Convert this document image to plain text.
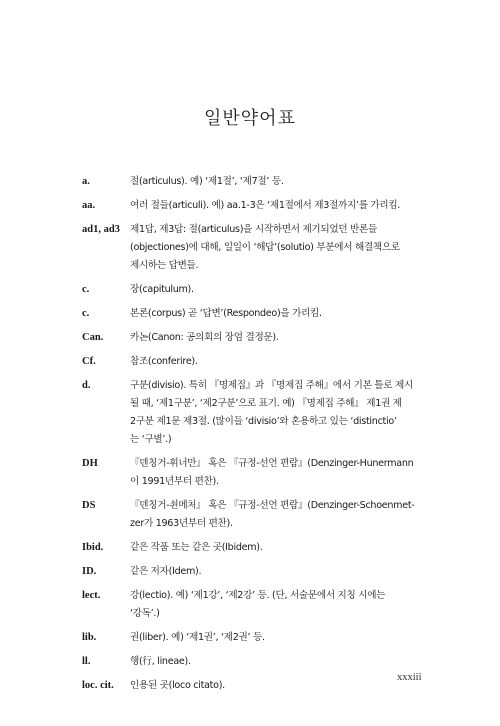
일반약어표
a.	절(articulus). 예) ‘제1절’, ‘제7절’ 등.
aa.	여러 절들(articuli). 예) aa.1-3은 ‘제1절에서 제3절까지’를 가리킴.
ad1, ad3	제1답, 제3답: 절(articulus)을 시작하면서 제기되었던 반론들
(objectiones)에 대해, 일일이 ‘해답’(solutio) 부분에서 해결책으로
제시하는 답변들.
c.	장(capitulum).
c.	본론(corpus) 곧 ‘답변’(Respondeo)을 가리킴.
Can.	카논(Canon: 공의회의 장엄 결정문).
Cf.	참조(conferire).
d.	구분(divisio). 특히 『명제집』과 『명제집 주해』에서 기본 틀로 제시
될 때, ‘제1구분’, ‘제2구분’으로 표기. 예) 『명제집 주해』 제1권 제
2구분 제1문 제3절. (많이들 ‘divisio’와 혼용하고 있는 ‘distinctio’
는 ‘구별’.)
DH	『덴칭거-휘너만』 혹은 『규정-선언 편람』(Denzinger-Hunermann
이 1991년부터 편찬).
DS	『덴칭거-쇤메처』 혹은 『규정-선언 편람』(Denzinger-Schoenmet-
zer가 1963년부터 편찬).
Ibid.	같은 작품 또는 같은 곳(Ibidem).
ID.	같은 저자(Idem).
lect.	강(lectio). 예) ‘제1강’, ‘제2강’ 등. (단, 서술문에서 지칭 시에는
‘강독’.)
lib.	권(liber). 예) ‘제1권’, ‘제2권’ 등.
ll.	행(行, lineae).
loc. cit.	인용된 곳(loco citato).
xxxiii
